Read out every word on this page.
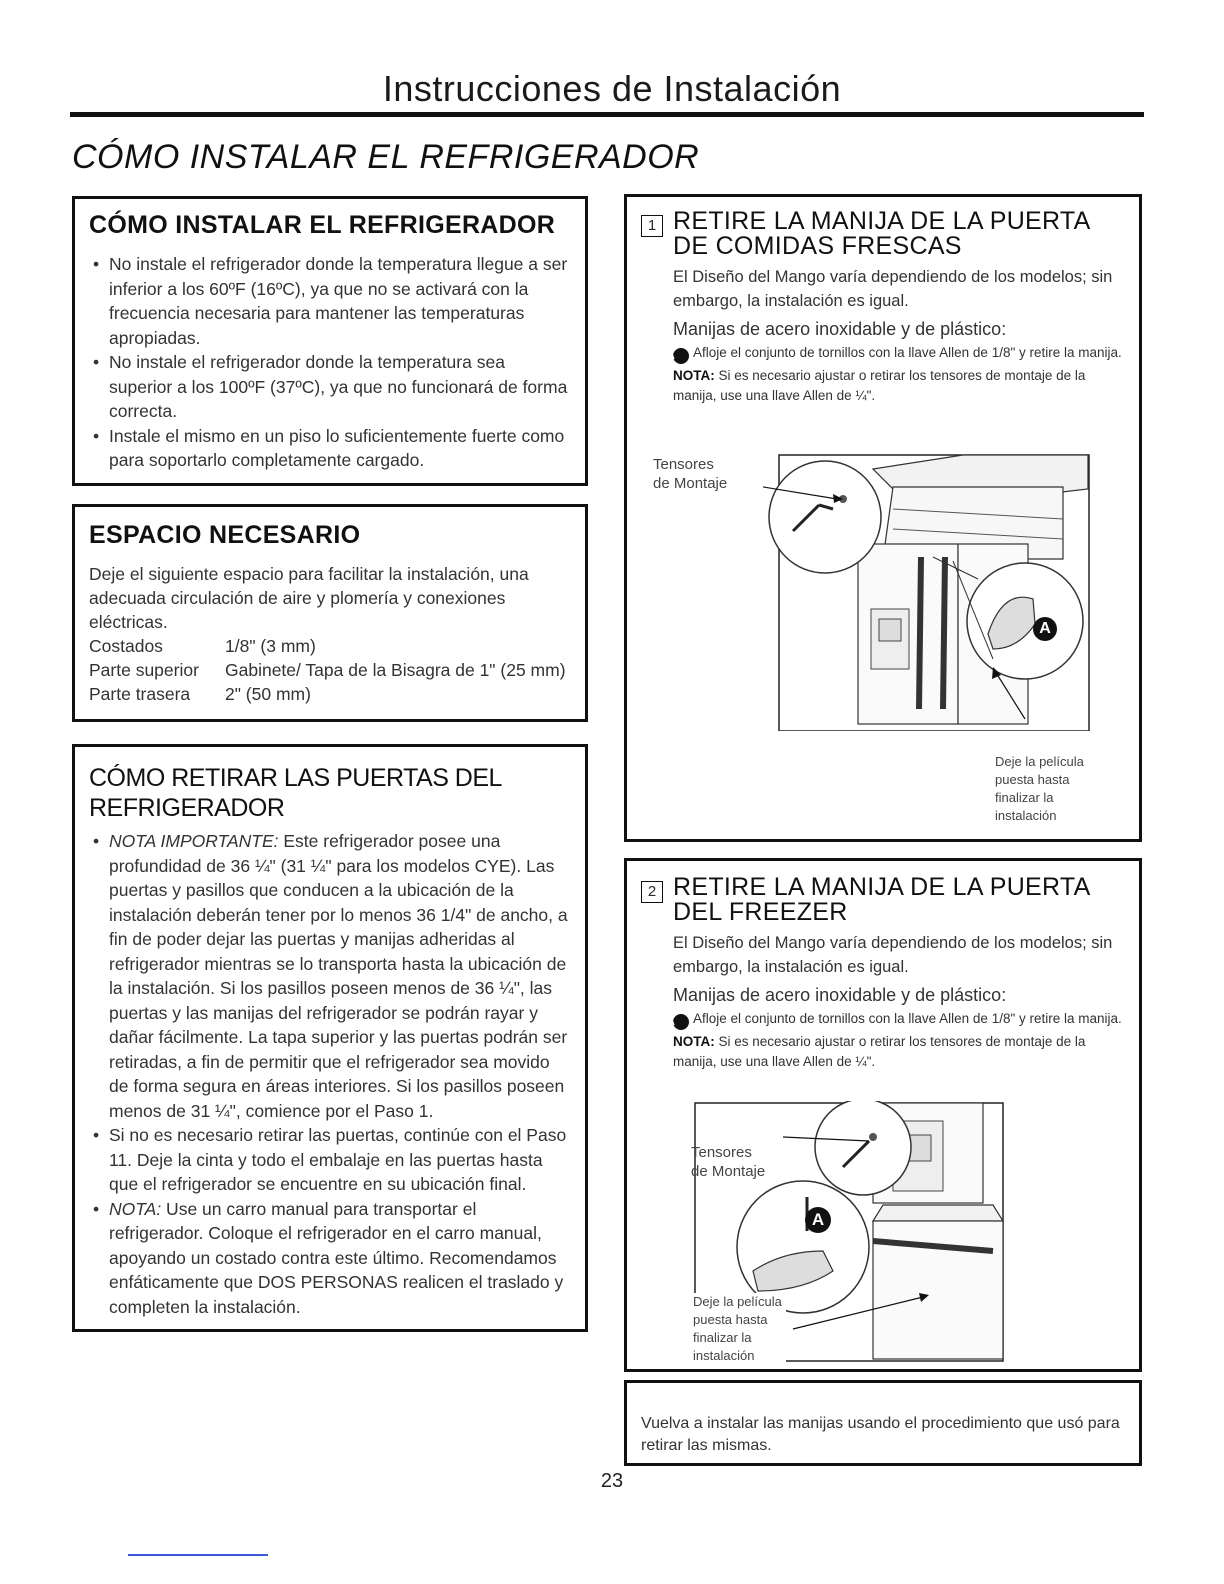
Instrucciones de Instalación
CÓMO INSTALAR EL REFRIGERADOR
CÓMO INSTALAR EL REFRIGERADOR
• No instale el refrigerador donde la temperatura llegue a ser inferior a los 60ºF (16ºC), ya que no se activará con la frecuencia necesaria para mantener las temperaturas apropiadas.
• No instale el refrigerador donde la temperatura sea superior a los 100ºF (37ºC), ya que no funcionará de forma correcta.
• Instale el mismo en un piso lo suficientemente fuerte como para soportarlo completamente cargado.
ESPACIO NECESARIO

Deje el siguiente espacio para facilitar la instalación, una adecuada circulación de aire y plomería y conexiones eléctricas.

Costados	1/8" (3 mm)
Parte superior	Gabinete/ Tapa de la Bisagra de 1" (25 mm)
Parte trasera	2" (50 mm)
CÓMO RETIRAR LAS PUERTAS DEL
REFRIGERADOR
• NOTA IMPORTANTE: Este refrigerador posee una profundidad de 36 ¼" (31 ¼" para los modelos CYE). Las puertas y pasillos que conducen a la ubicación de la instalación deberán tener por lo menos 36 1/4" de ancho, a fin de poder dejar las puertas y manijas adheridas al refrigerador mientras se lo transporta hasta la ubicación de la instalación. Si los pasillos poseen menos de 36 ¼", las puertas y las manijas del refrigerador se podrán rayar y dañar fácilmente. La tapa superior y las puertas podrán ser retiradas, a fin de permitir que el refrigerador sea movido de forma segura en áreas interiores. Si los pasillos poseen menos de 31 ¼", comience por el Paso 1.
• Si no es necesario retirar las puertas, continúe con el Paso 11. Deje la cinta y todo el embalaje en las puertas hasta que el refrigerador se encuentre en su ubicación final.
• NOTA: Use un carro manual para transportar el refrigerador. Coloque el refrigerador en el carro manual, apoyando un costado contra este último. Recomendamos enfáticamente que DOS PERSONAS realicen el traslado y completen la instalación.
1 RETIRE LA MANIJA DE LA PUERTA DE COMIDAS FRESCAS

El Diseño del Mango varía dependiendo de los modelos; sin embargo, la instalación es igual.

Manijas de acero inoxidable y de plástico:

A Afloje el conjunto de tornillos con la llave Allen de 1/8" y retire la manija.
NOTA: Si es necesario ajustar o retirar los tensores de montaje de la manija, use una llave Allen de ¼".
Tensores
de Montaje
A
Deje la película
puesta hasta
finalizar la
instalación
2 RETIRE LA MANIJA DE LA PUERTA DEL FREEZER

El Diseño del Mango varía dependiendo de los modelos; sin embargo, la instalación es igual.

Manijas de acero inoxidable y de plástico:

A Afloje el conjunto de tornillos con la llave Allen de 1/8" y retire la manija.
NOTA: Si es necesario ajustar o retirar los tensores de montaje de la manija, use una llave Allen de ¼".
Tensores
de Montaje
A
Deje la película
puesta hasta
finalizar la
instalación

Vuelva a instalar las manijas usando el procedimiento que usó para retirar las mismas.

23
